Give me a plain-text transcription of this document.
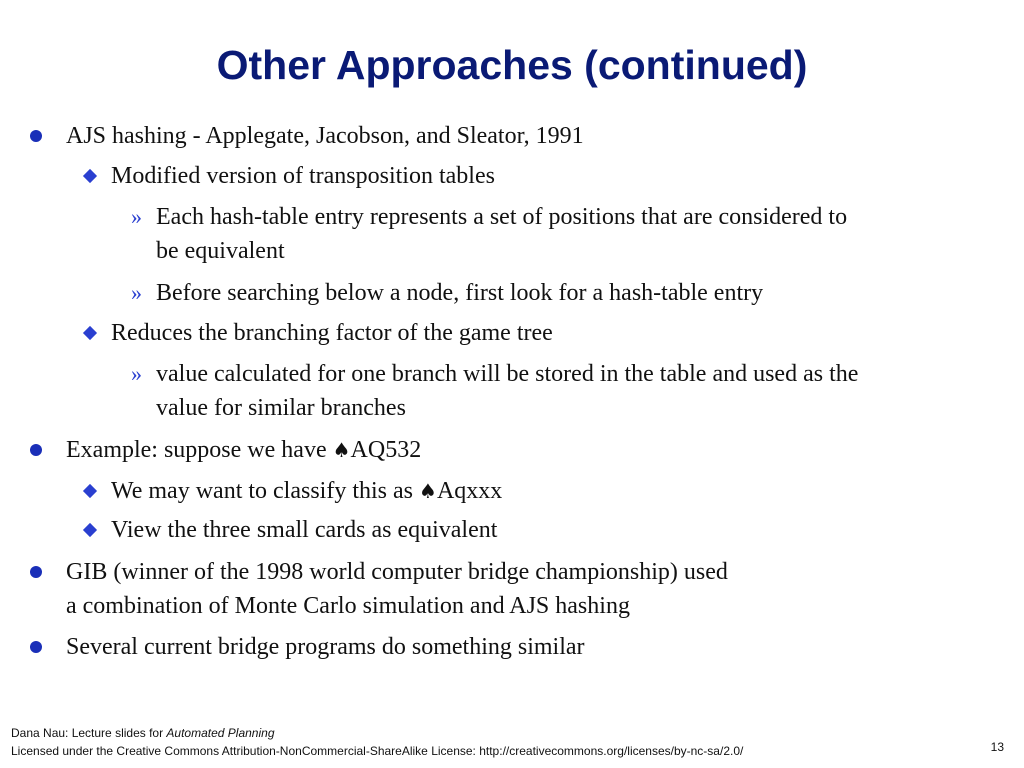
Other Approaches (continued)
AJS hashing - Applegate, Jacobson, and Sleator, 1991
Modified version of transposition tables
» Each hash-table entry represents a set of positions that are considered to
be equivalent
» Before searching below a node, first look for a hash-table entry
Reduces the branching factor of the game tree
» value calculated for one branch will be stored in the table and used as the
value for similar branches
Example: suppose we have ♠AQ532
We may want to classify this as ♠Aqxxx
View the three small cards as equivalent
GIB (winner of the 1998 world computer bridge championship) used
a combination of Monte Carlo simulation and AJS hashing
Several current bridge programs do something similar
Dana Nau: Lecture slides for Automated Planning
Licensed under the Creative Commons Attribution-NonCommercial-ShareAlike License: http://creativecommons.org/licenses/by-nc-sa/2.0/	13
